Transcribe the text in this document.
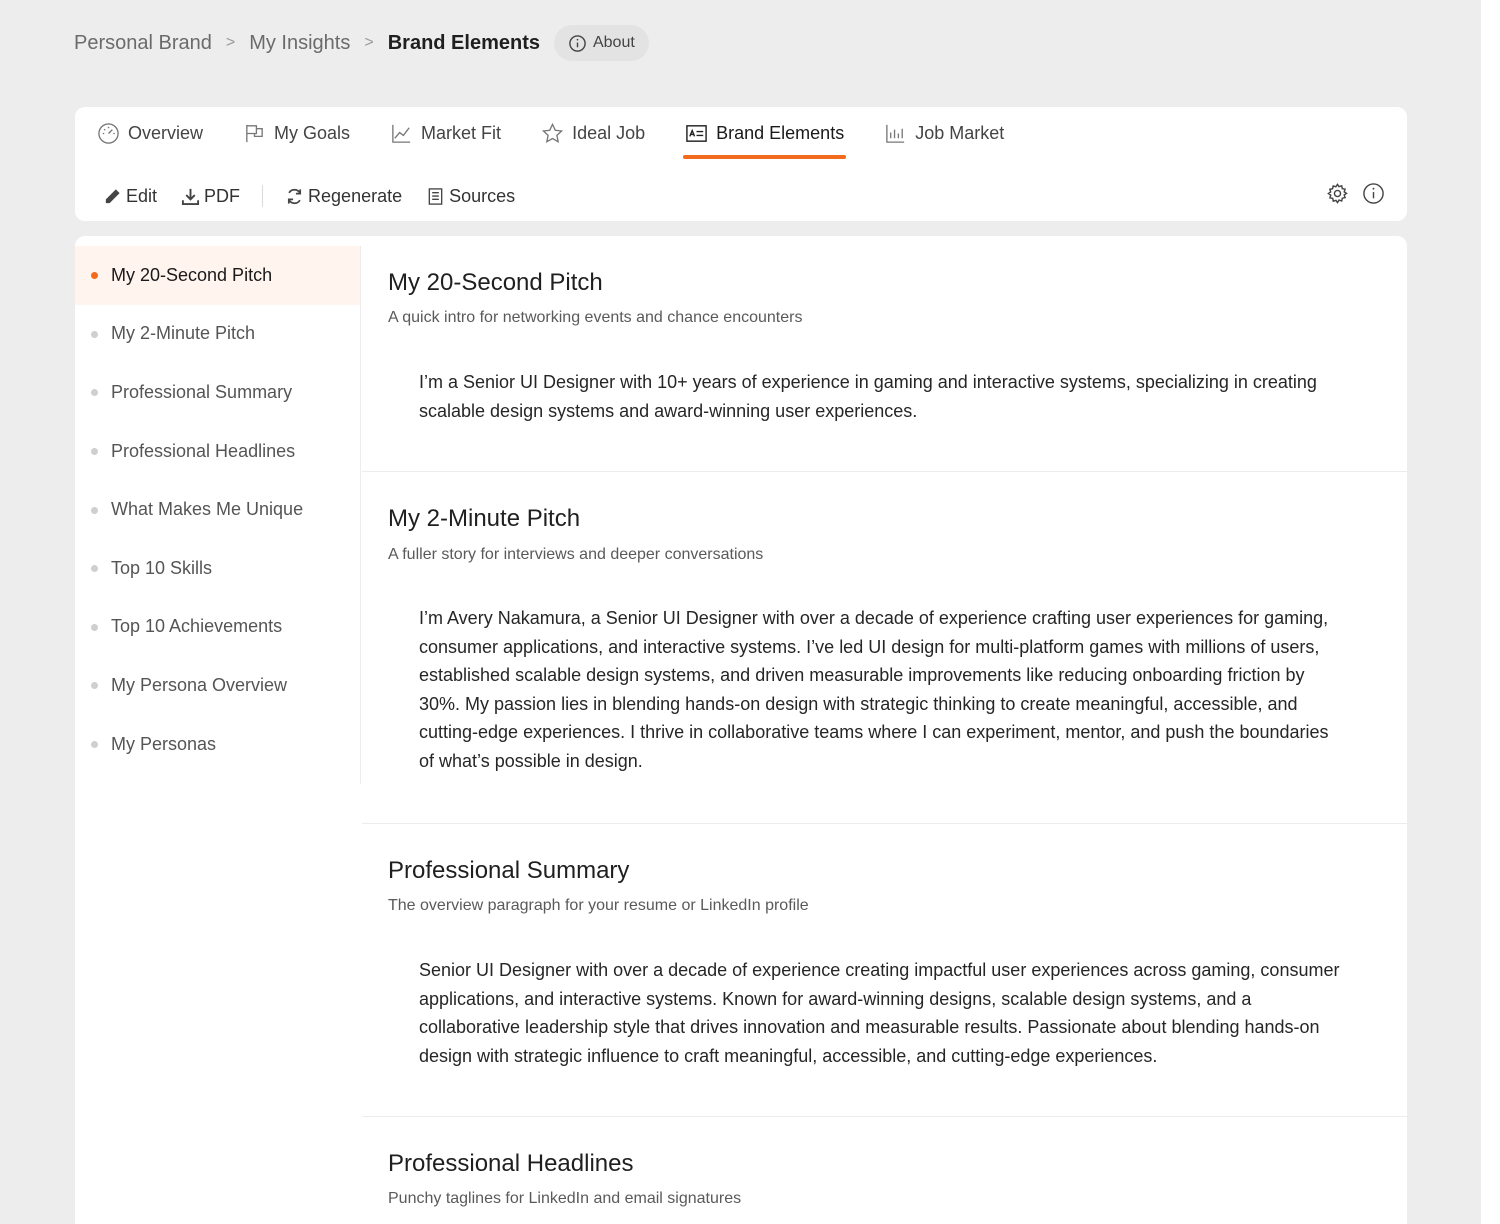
Personal Brand > My Insights > Brand Elements	About
Overview	My Goals	Market Fit	Ideal Job	Brand Elements	Job Market
Edit	PDF	Regenerate	Sources
My 20-Second Pitch
My 2-Minute Pitch
Professional Summary
Professional Headlines
What Makes Me Unique
Top 10 Skills
Top 10 Achievements
My Persona Overview
My Personas
My 20-Second Pitch
A quick intro for networking events and chance encounters

I’m a Senior UI Designer with 10+ years of experience in gaming and interactive systems, specializing in creating scalable design systems and award-winning user experiences.

My 2-Minute Pitch
A fuller story for interviews and deeper conversations

I’m Avery Nakamura, a Senior UI Designer with over a decade of experience crafting user experiences for gaming, consumer applications, and interactive systems. I’ve led UI design for multi-platform games with millions of users, established scalable design systems, and driven measurable improvements like reducing onboarding friction by 30%. My passion lies in blending hands-on design with strategic thinking to create meaningful, accessible, and cutting-edge experiences. I thrive in collaborative teams where I can experiment, mentor, and push the boundaries of what’s possible in design.

Professional Summary
The overview paragraph for your resume or LinkedIn profile

Senior UI Designer with over a decade of experience creating impactful user experiences across gaming, consumer applications, and interactive systems. Known for award-winning designs, scalable design systems, and a collaborative leadership style that drives innovation and measurable results. Passionate about blending hands-on design with strategic influence to craft meaningful, accessible, and cutting-edge experiences.

Professional Headlines
Punchy taglines for LinkedIn and email signatures
